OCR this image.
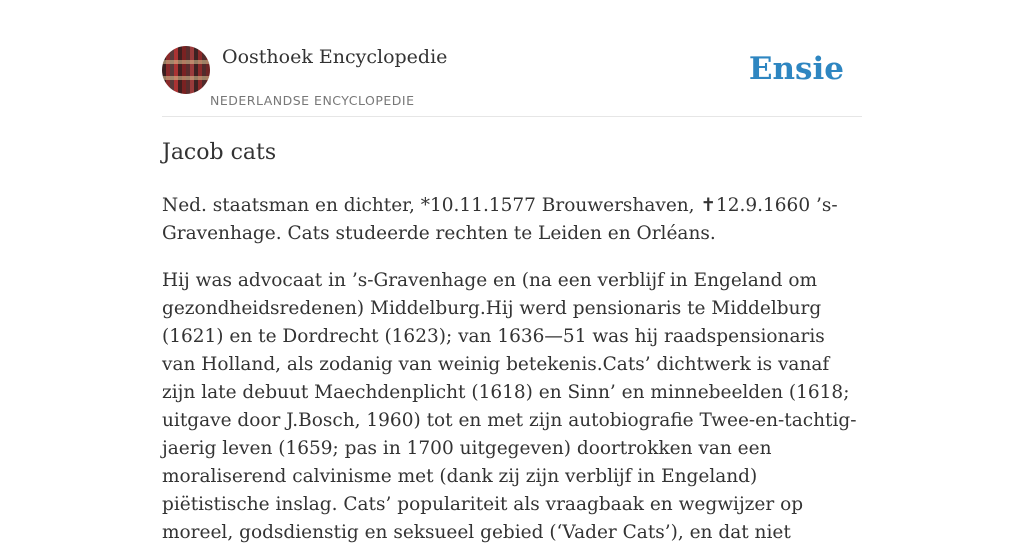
Oosthoek Encyclopedie
NEDERLANDSE ENCYCLOPEDIE
Ensie
Jacob cats

Ned. staatsman en dichter, *10.11.1577 Brouwershaven, ✝12.9.1660 ’s-Gravenhage. Cats studeerde rechten te Leiden en Orléans.

Hij was advocaat in ’s-Gravenhage en (na een verblijf in Engeland om gezondheidsredenen) Middelburg.Hij werd pensionaris te Middelburg (1621) en te Dordrecht (1623); van 1636—51 was hij raadspensionaris van Holland, als zodanig van weinig betekenis.Cats’ dichtwerk is vanaf zijn late debuut Maechdenplicht (1618) en Sinn’ en minnebeelden (1618; uitgave door J.Bosch, 1960) tot en met zijn autobiografie Twee-en-tachtig-jaerig leven (1659; pas in 1700 uitgegeven) doortrokken van een moraliserend calvinisme met (dank zij zijn verblijf in Engeland) piëtistische inslag. Cats’ populariteit als vraagbaak en wegwijzer op moreel, godsdienstig en seksueel gebied (‘Vader Cats’), en dat niet
